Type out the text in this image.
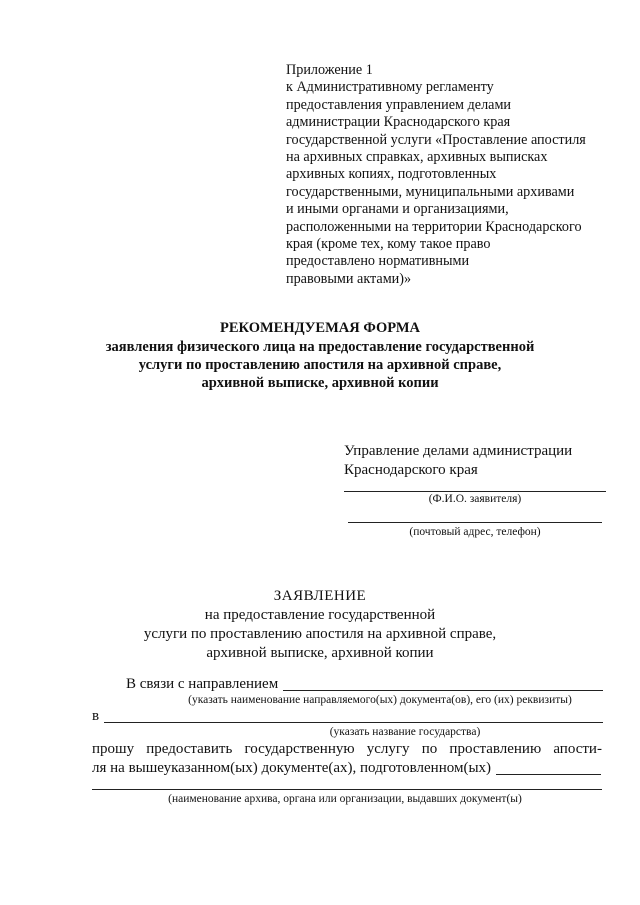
Приложение 1
к Административному регламенту
предоставления управлением делами
администрации Краснодарского края
государственной услуги «Проставление апостиля
на архивных справках, архивных выписках
архивных копиях, подготовленных
государственными, муниципальными архивами
и иными органами и организациями,
расположенными на территории Краснодарского
края (кроме тех, кому такое право
предоставлено нормативными
правовыми актами)»
РЕКОМЕНДУЕМАЯ ФОРМА
заявления физического лица на предоставление государственной
услуги по проставлению апостиля на архивной справе,
архивной выписке, архивной копии
Управление делами администрации
Краснодарского края
(Ф.И.О. заявителя)
(почтовый адрес, телефон)
ЗАЯВЛЕНИЕ
на предоставление государственной
услуги по проставлению апостиля на архивной справе,
архивной выписке, архивной копии
В связи с направлением
(указать наименование направляемого(ых) документа(ов), его (их) реквизиты)
в
(указать название государства)
прошу предоставить государственную услугу по проставлению апости-
ля на вышеуказанном(ых) документе(ах), подготовленном(ых)
(наименование архива, органа или организации, выдавших документ(ы)
